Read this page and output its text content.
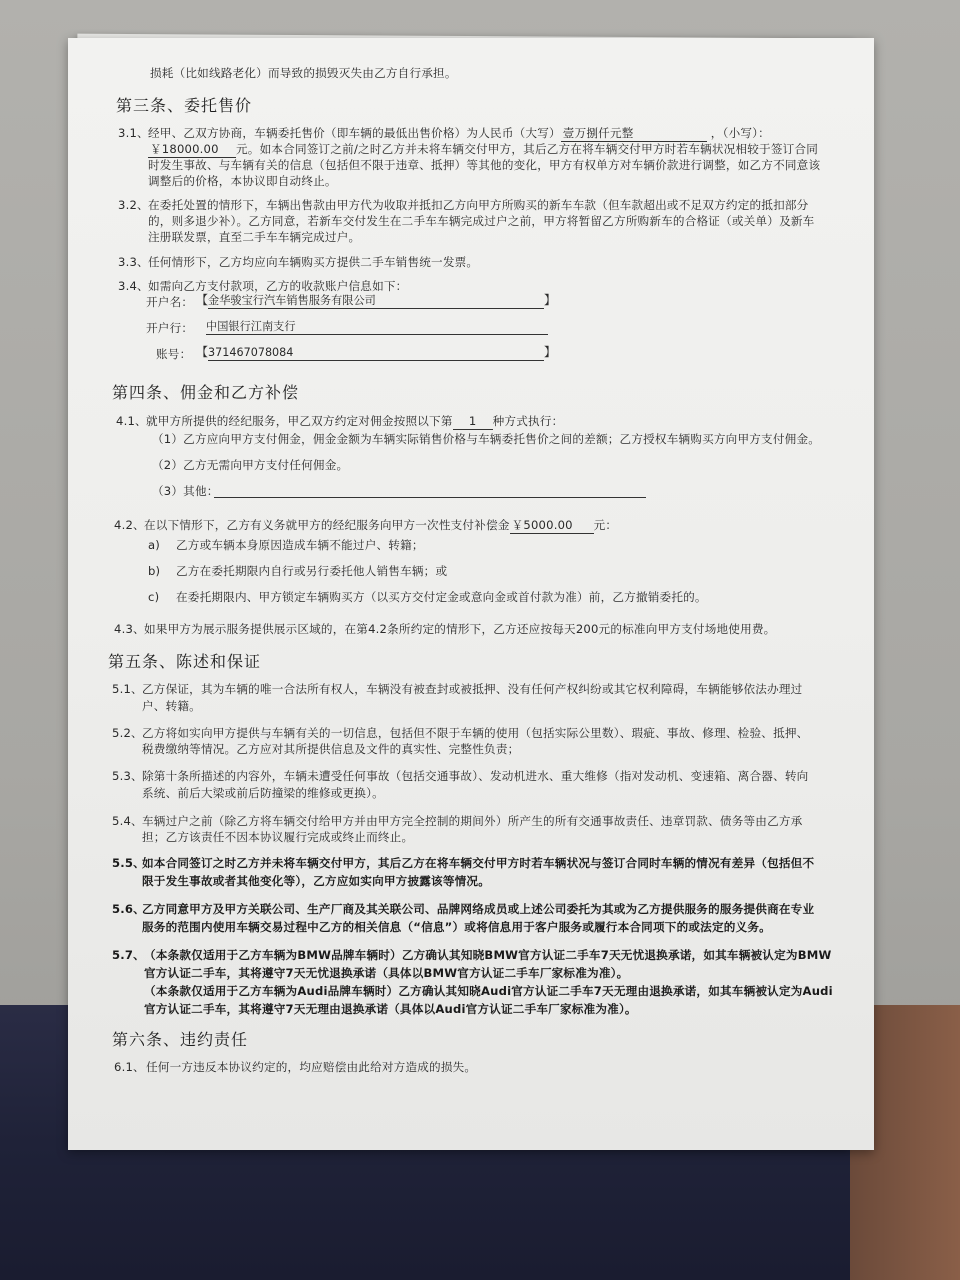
损耗（比如线路老化）而导致的损毁灭失由乙方自行承担。
第三条、委托售价
3.1、 经甲、乙双方协商，车辆委托售价（即车辆的最低出售价格）为人民币（大写） 壹万捌仟元整	，（小写）：
￥18000.00 元。如本合同签订之前/之时乙方并未将车辆交付甲方，其后乙方在将车辆交付甲方时若车辆状况相较于签订合同
时发生事故、与车辆有关的信息（包括但不限于违章、抵押）等其他的变化，甲方有权单方对车辆价款进行调整，如乙方不同意该
调整后的价格，本协议即自动终止。
3.2、 在委托处置的情形下，车辆出售款由甲方代为收取并抵扣乙方向甲方所购买的新车车款（但车款超出或不足双方约定的抵扣部分
的，则多退少补）。乙方同意，若新车交付发生在二手车车辆完成过户之前，甲方将暂留乙方所购新车的合格证（或关单）及新车
注册联发票，直至二手车车辆完成过户。
3.3、 任何情形下，乙方均应向车辆购买方提供二手车销售统一发票。
3.4、 如需向乙方支付款项，乙方的收款账户信息如下：
开户名： 【 金华骏宝行汽车销售服务有限公司	】
开户行： 中国银行江南支行
账号： 【 371467078084	】
第四条、佣金和乙方补偿
4.1、 就甲方所提供的经纪服务，甲乙双方约定对佣金按照以下第 1 种方式执行：
（1）乙方应向甲方支付佣金，佣金金额为车辆实际销售价格与车辆委托售价之间的差额；乙方授权车辆购买方向甲方支付佣金。
（2）乙方无需向甲方支付任何佣金。
（3）其他：
4.2、 在以下情形下，乙方有义务就甲方的经纪服务向甲方一次性支付补偿金 ￥5000.00 元：
a) 乙方或车辆本身原因造成车辆不能过户、转籍；
b) 乙方在委托期限内自行或另行委托他人销售车辆；或
c) 在委托期限内、甲方锁定车辆购买方（以买方交付定金或意向金或首付款为准）前，乙方撤销委托的。
4.3、 如果甲方为展示服务提供展示区域的，在第4.2条所约定的情形下，乙方还应按每天200元的标准向甲方支付场地使用费。
第五条、陈述和保证
5.1、 乙方保证，其为车辆的唯一合法所有权人，车辆没有被查封或被抵押、没有任何产权纠纷或其它权利障碍，车辆能够依法办理过
户、转籍。
5.2、 乙方将如实向甲方提供与车辆有关的一切信息，包括但不限于车辆的使用（包括实际公里数）、瑕疵、事故、修理、检验、抵押、
税费缴纳等情况。乙方应对其所提供信息及文件的真实性、完整性负责；
5.3、 除第十条所描述的内容外，车辆未遭受任何事故（包括交通事故）、发动机进水、重大维修（指对发动机、变速箱、离合器、转向
系统、前后大梁或前后防撞梁的维修或更换）。
5.4、 车辆过户之前（除乙方将车辆交付给甲方并由甲方完全控制的期间外）所产生的所有交通事故责任、违章罚款、债务等由乙方承
担；乙方该责任不因本协议履行完成或终止而终止。
5.5、
如本合同签订之时乙方并未将车辆交付甲方，其后乙方在将车辆交付甲方时若车辆状况与签订合同时车辆的情况有差异（包括但不
限于发生事故或者其他变化等），乙方应如实向甲方披露该等情况。
5.6、
乙方同意甲方及甲方关联公司、生产厂商及其关联公司、品牌网络成员或上述公司委托为其或为乙方提供服务的服务提供商在专业
服务的范围内使用车辆交易过程中乙方的相关信息（“信息”）或将信息用于客户服务或履行本合同项下的或法定的义务。
5.7、 （本条款仅适用于乙方车辆为BMW品牌车辆时）乙方确认其知晓BMW官方认证二手车7天无忧退换承诺，如其车辆被认定为BMW
官方认证二手车，其将遵守7天无忧退换承诺（具体以BMW官方认证二手车厂家标准为准）。
（本条款仅适用于乙方车辆为Audi品牌车辆时）乙方确认其知晓Audi官方认证二手车7天无理由退换承诺，如其车辆被认定为Audi
官方认证二手车，其将遵守7天无理由退换承诺（具体以Audi官方认证二手车厂家标准为准）。
第六条、违约责任
6.1、 任何一方违反本协议约定的，均应赔偿由此给对方造成的损失。
